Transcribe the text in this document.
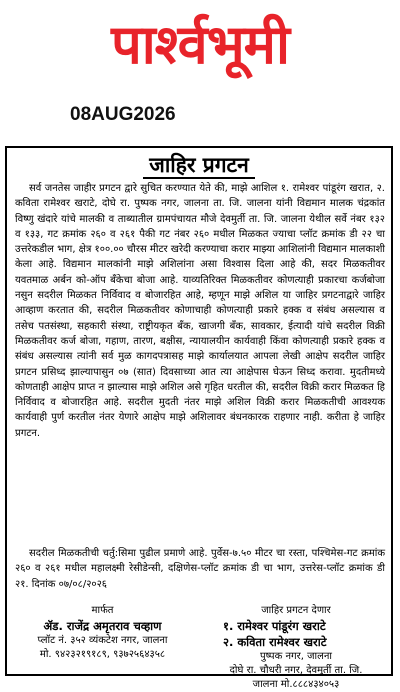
पार्श्वभूमी
08AUG2026
जाहिर प्रगटन
सर्व जनतेस जाहीर प्रगटन द्वारे सुचित करण्यात येते की, माझे आशिल १. रामेश्वर पांडूरंग खरात, २. कविता रामेश्वर खराटे, दोघे रा. पुष्पक नगर, जालना ता. जि. जालना यांनी विद्यमान मालक चंद्रकांत विष्णु खंदारे यांचे मालकी व ताब्यातील ग्रामपंचायत मौजे देवमुर्ती ता. जि. जालना येथील सर्वे नंबर १३२ व १३३, गट क्रमांक २६० व २६१ पैकी गट नंबर २६० मधील मिळकत ज्याचा प्लॉट क्रमांक डी २२ चा उत्तरेकडील भाग, क्षेत्र १००.०० चौरस मीटर खरेदी करण्याचा करार माझ्या आशिलांनी विद्यमान मालकाशी केला आहे. विद्यमान मालकांनी माझे अशिलांना असा विश्वास दिला आहे की, सदर मिळकतीवर यवतमाळ अर्बन को-ऑप बँकेचा बोजा आहे. याव्यतिरिक्त मिळकतीवर कोणत्याही प्रकारचा कर्जबोजा नसुन सदरील मिळकत निर्विवाद व बोजारहित आहे, म्हणून माझे अशिल या जाहिर प्रगटनाद्वारे जाहिर आव्हाण करतात की, सदरील मिळकतीवर कोणाचाही कोणत्याही प्रकारे हक्क व संबंध असल्यास व तसेच पतसंस्था, सहकारी संस्था, राष्ट्रीयकृत बँक, खाजगी बँक, सावकार, ईत्यादी यांचे सदरील विक्री मिळकतीवर कर्ज बोजा, गहाण, तारण, बक्षीस, न्यायालयीन कार्यवाही किंवा कोणत्याही प्रकारे हक्क व संबंध असल्यास त्यांनी सर्व मुळ कागदपत्रासह माझे कार्यालयात आपला लेखी आक्षेप सदरील जाहिर प्रगटन प्रसिध्द झाल्यापासुन ०७ (सात) दिवसाच्या आत त्या आक्षेपास घेऊन सिध्द करावा. मुदतीमध्ये कोणताही आक्षेप प्राप्त न झाल्यास माझे अशिल असे गृहित धरतील की, सदरील विक्री करार मिळकत हि निर्विवाद व बोजारहित आहे. सदरील मुदती नंतर माझे अशिल विक्री करार मिळकतीची आवश्यक कार्यवाही पुर्ण करतील नंतर येणारे आक्षेप माझे अशिलावर बंधनकारक राहणार नाही. करीता हे जाहिर प्रगटन.
सदरील मिळकतीची चर्तु:सिमा पुढील प्रमाणे आहे. पुर्वेस-७.५० मीटर चा रस्ता, पश्चिमेस-गट क्रमांक २६० व २६१ मधील महालक्ष्मी रेसीडेन्सी, दक्षिणेस-प्लॉट क्रमांक डी चा भाग, उत्तरेस-प्लॉट क्रमांक डी २१. दिनांक ०७/०८/२०२६
मार्फत
ॲड. राजेंद्र अमृतराव चव्हाण
प्लॉट नं. ३५२ व्यंकटेश नगर, जालना
मो. ९४२३२१९१८९, ९३७२५६४३५८
जाहिर प्रगटन देणार
१. रामेश्वर पांडूरंग खराटे
२. कविता रामेश्वर खराटे
पुष्पक नगर, जालना
दोघे रा. चौधरी नगर, देवमुर्ती ता. जि.
जालना मो.८८८४३४०५३
